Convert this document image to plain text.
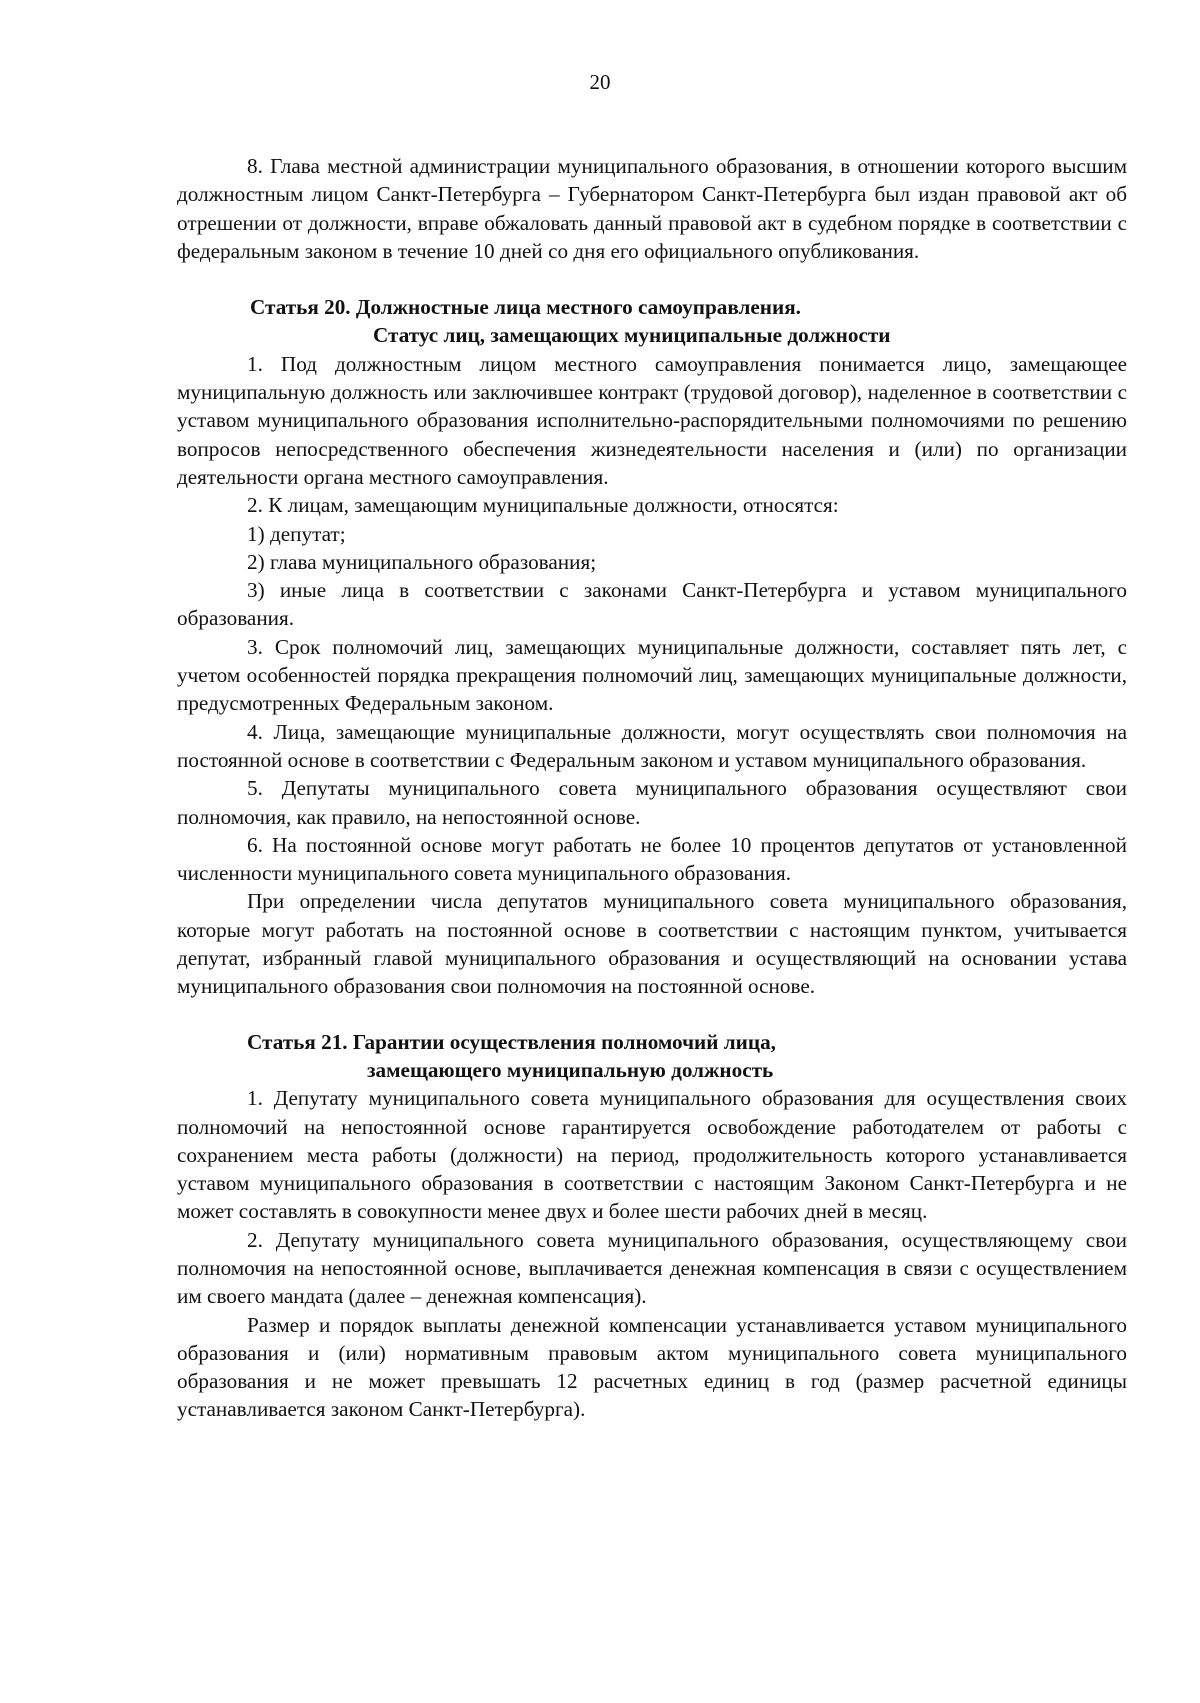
20

8. Глава местной администрации муниципального образования, в отношении которого высшим должностным лицом Санкт-Петербурга – Губернатором Санкт-Петербурга был издан правовой акт об отрешении от должности, вправе обжаловать данный правовой акт в судебном порядке в соответствии с федеральным законом в течение 10 дней со дня его официального опубликования.

Статья 20. Должностные лица местного самоуправления.
Статус лиц, замещающих муниципальные должности

1. Под должностным лицом местного самоуправления понимается лицо, замещающее муниципальную должность или заключившее контракт (трудовой договор), наделенное в соответствии с уставом муниципального образования исполнительно-распорядительными полномочиями по решению вопросов непосредственного обеспечения жизнедеятельности населения и (или) по организации деятельности органа местного самоуправления.

2. К лицам, замещающим муниципальные должности, относятся:

1) депутат;

2) глава муниципального образования;

3) иные лица в соответствии с законами Санкт-Петербурга и уставом муниципального образования.

3. Срок полномочий лиц, замещающих муниципальные должности, составляет пять лет, с учетом особенностей порядка прекращения полномочий лиц, замещающих муниципальные должности, предусмотренных Федеральным законом.

4. Лица, замещающие муниципальные должности, могут осуществлять свои полномочия на постоянной основе в соответствии с Федеральным законом и уставом муниципального образования.

5. Депутаты муниципального совета муниципального образования осуществляют свои полномочия, как правило, на непостоянной основе.

6. На постоянной основе могут работать не более 10 процентов депутатов от установленной численности муниципального совета муниципального образования.

При определении числа депутатов муниципального совета муниципального образования, которые могут работать на постоянной основе в соответствии с настоящим пунктом, учитывается депутат, избранный главой муниципального образования и осуществляющий на основании устава муниципального образования свои полномочия на постоянной основе.

Статья 21. Гарантии осуществления полномочий лица,
замещающего муниципальную должность

1. Депутату муниципального совета муниципального образования для осуществления своих полномочий на непостоянной основе гарантируется освобождение работодателем от работы с сохранением места работы (должности) на период, продолжительность которого устанавливается уставом муниципального образования в соответствии с настоящим Законом Санкт-Петербурга и не может составлять в совокупности менее двух и более шести рабочих дней в месяц.

2. Депутату муниципального совета муниципального образования, осуществляющему свои полномочия на непостоянной основе, выплачивается денежная компенсация в связи с осуществлением им своего мандата (далее – денежная компенсация).

Размер и порядок выплаты денежной компенсации устанавливается уставом муниципального образования и (или) нормативным правовым актом муниципального совета муниципального образования и не может превышать 12 расчетных единиц в год (размер расчетной единицы устанавливается законом Санкт-Петербурга).
